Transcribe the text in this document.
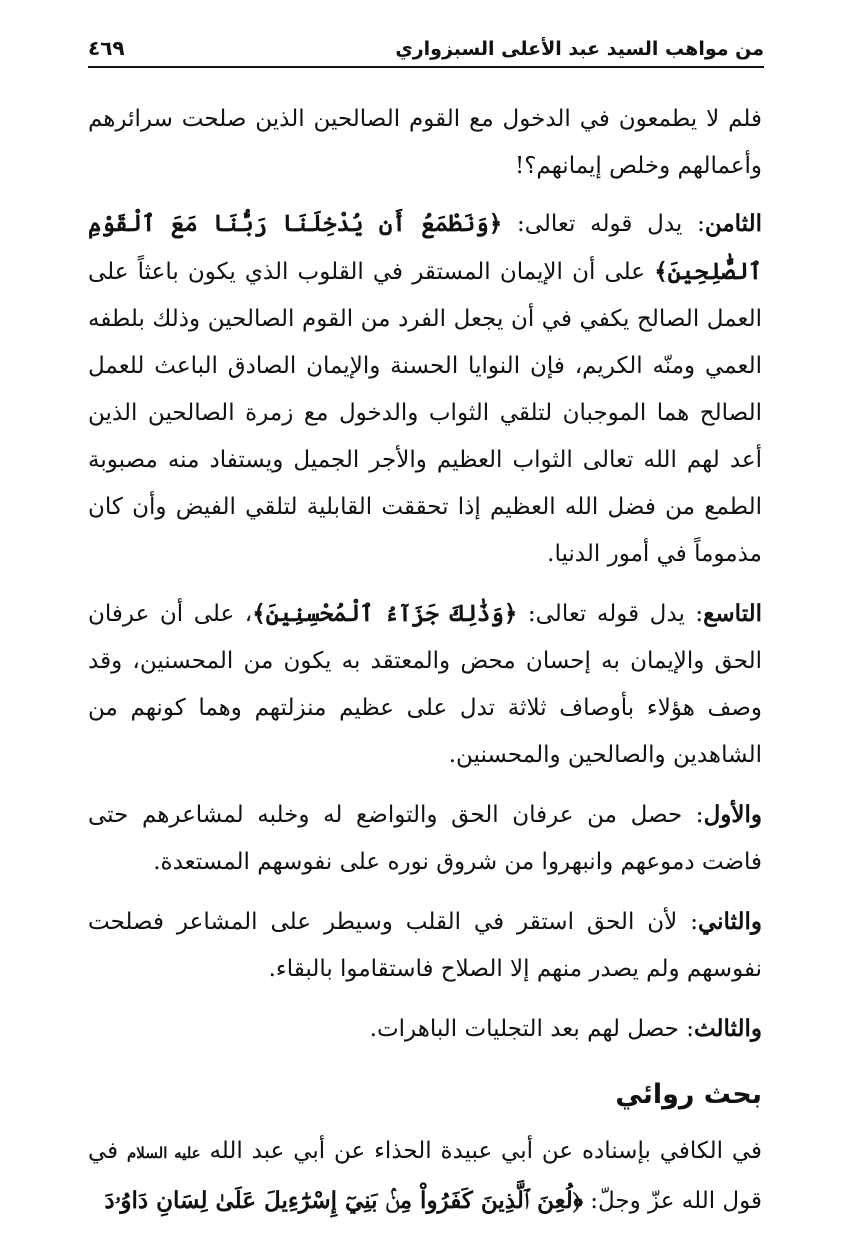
من مواهب السيد عبد الأعلى السبزواري
٤٦٩

فلم لا يطمعون في الدخول مع القوم الصالحين الذين صلحت سرائرهم وأعمالهم وخلص إيمانهم؟!

الثامن: يدل قوله تعالى: ﴿وَنَطْمَعُ أَن يُدْخِلَنَا رَبُّنَا مَعَ ٱلْقَوْمِ ٱلصَّٰلِحِينَ﴾ على أن الإيمان المستقر في القلوب الذي يكون باعثاً على العمل الصالح يكفي في أن يجعل الفرد من القوم الصالحين وذلك بلطفه العمي ومنّه الكريم، فإن النوايا الحسنة والإيمان الصادق الباعث للعمل الصالح هما الموجبان لتلقي الثواب والدخول مع زمرة الصالحين الذين أعد لهم الله تعالى الثواب العظيم والأجر الجميل ويستفاد منه مصبوبة الطمع من فضل الله العظيم إذا تحققت القابلية لتلقي الفيض وأن كان مذموماً في أمور الدنيا.

التاسع: يدل قوله تعالى: ﴿وَذَٰلِكَ جَزَآءُ ٱلْمُحْسِنِينَ﴾، على أن عرفان الحق والإيمان به إحسان محض والمعتقد به يكون من المحسنين، وقد وصف هؤلاء بأوصاف ثلاثة تدل على عظيم منزلتهم وهما كونهم من الشاهدين والصالحين والمحسنين.

والأول: حصل من عرفان الحق والتواضع له وخلبه لمشاعرهم حتى فاضت دموعهم وانبهروا من شروق نوره على نفوسهم المستعدة.

والثاني: لأن الحق استقر في القلب وسيطر على المشاعر فصلحت نفوسهم ولم يصدر منهم إلا الصلاح فاستقاموا بالبقاء.

والثالث: حصل لهم بعد التجليات الباهرات.

بحث روائي

في الكافي بإسناده عن أبي عبيدة الحذاء عن أبي عبد الله عليه السلام في قول الله عزّ وجلّ: ﴿لُعِنَ ٱلَّذِينَ كَفَرُواْ مِنۢ بَنِيٓ إِسْرَٰٓءِيلَ عَلَىٰ لِسَانِ دَاوُۥدَ
